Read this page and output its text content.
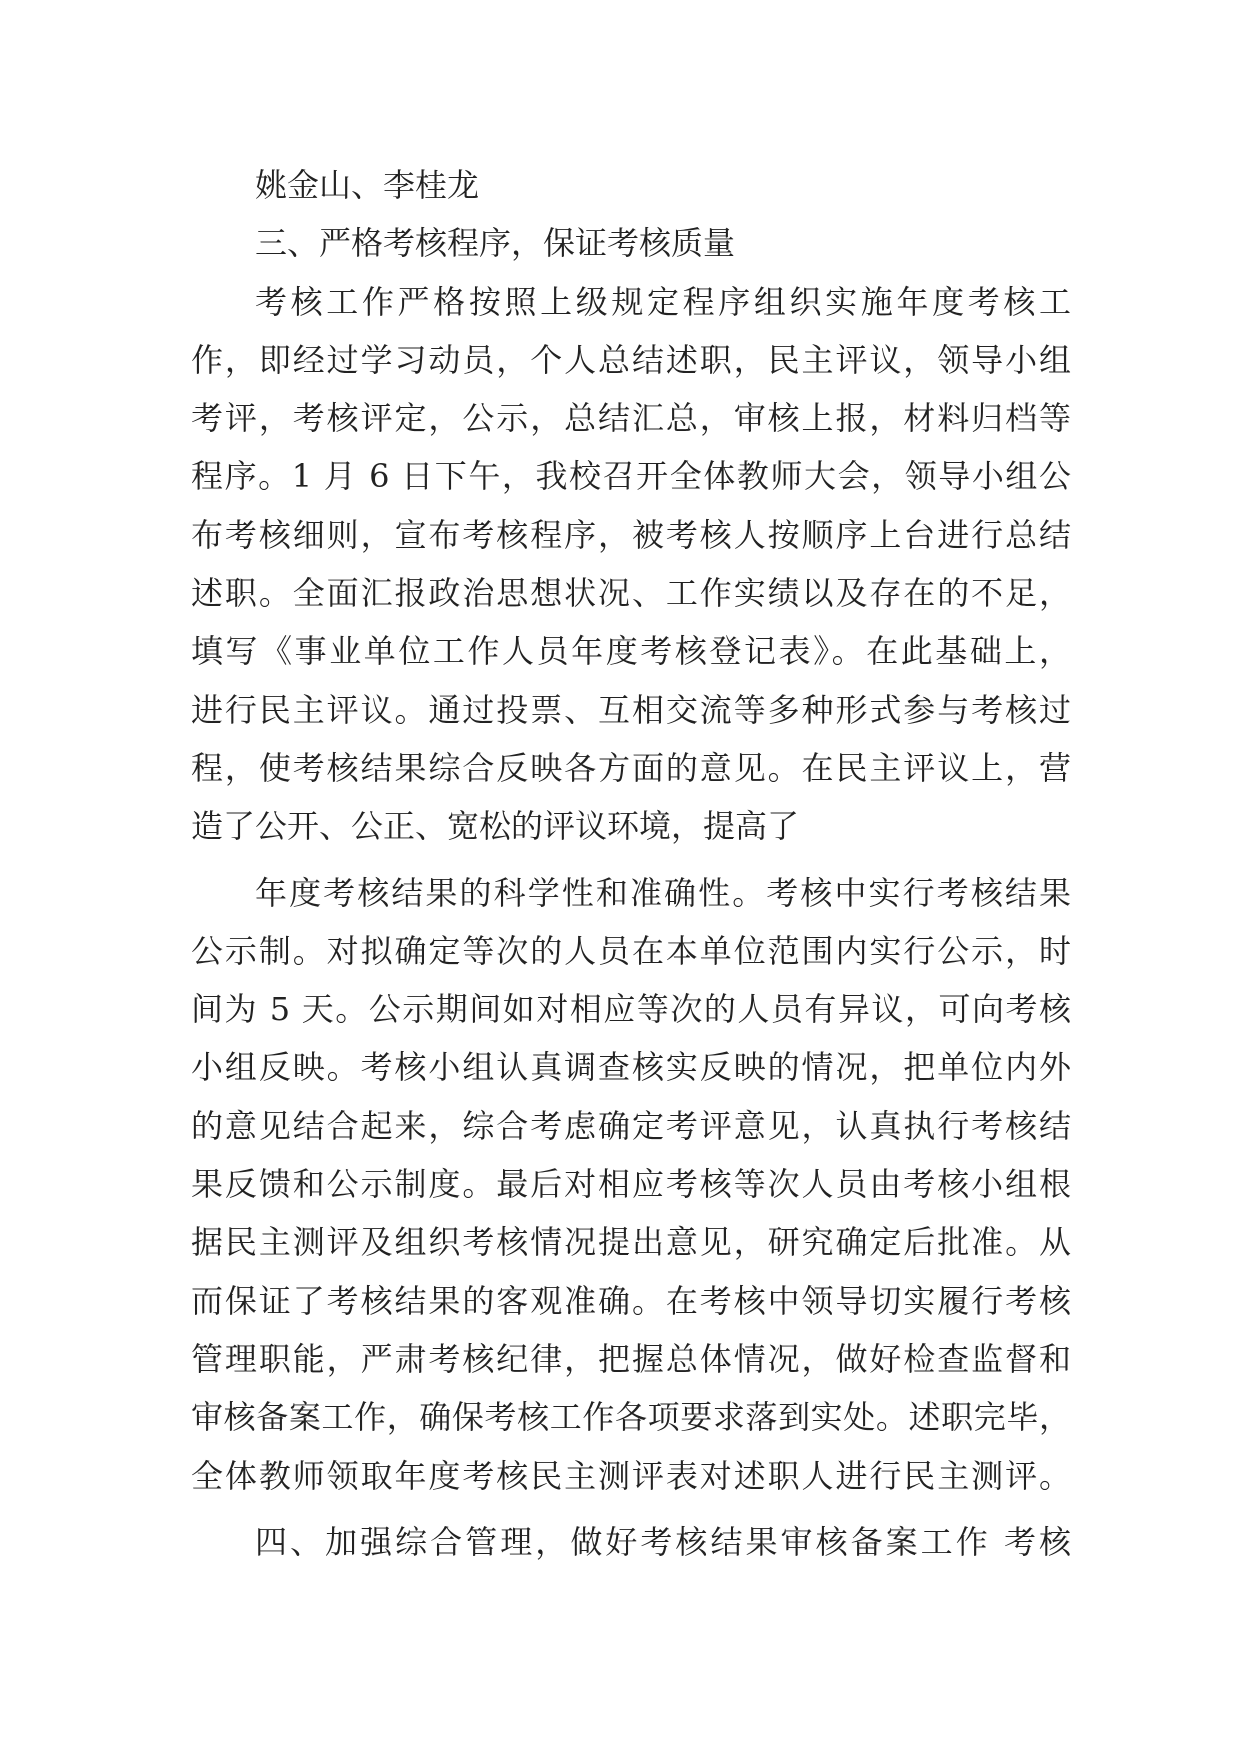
姚金山、李桂龙
三、严格考核程序，保证考核质量
考核工作严格按照上级规定程序组织实施年度考核工
作，即经过学习动员，个人总结述职，民主评议，领导小组
考评，考核评定，公示，总结汇总，审核上报，材料归档等
程序。1 月 6 日下午，我校召开全体教师大会，领导小组公
布考核细则，宣布考核程序，被考核人按顺序上台进行总结
述职。全面汇报政治思想状况、工作实绩以及存在的不足，
填写《事业单位工作人员年度考核登记表》。在此基础上，
进行民主评议。通过投票、互相交流等多种形式参与考核过
程，使考核结果综合反映各方面的意见。在民主评议上，营
造了公开、公正、宽松的评议环境，提高了
年度考核结果的科学性和准确性。考核中实行考核结果
公示制。对拟确定等次的人员在本单位范围内实行公示，时
间为 5 天。公示期间如对相应等次的人员有异议，可向考核
小组反映。考核小组认真调查核实反映的情况，把单位内外
的意见结合起来，综合考虑确定考评意见，认真执行考核结
果反馈和公示制度。最后对相应考核等次人员由考核小组根
据民主测评及组织考核情况提出意见，研究确定后批准。从
而保证了考核结果的客观准确。在考核中领导切实履行考核
管理职能，严肃考核纪律，把握总体情况，做好检查监督和
审核备案工作，确保考核工作各项要求落到实处。述职完毕，
全体教师领取年度考核民主测评表对述职人进行民主测评。
四、加强综合管理，做好考核结果审核备案工作 考核
